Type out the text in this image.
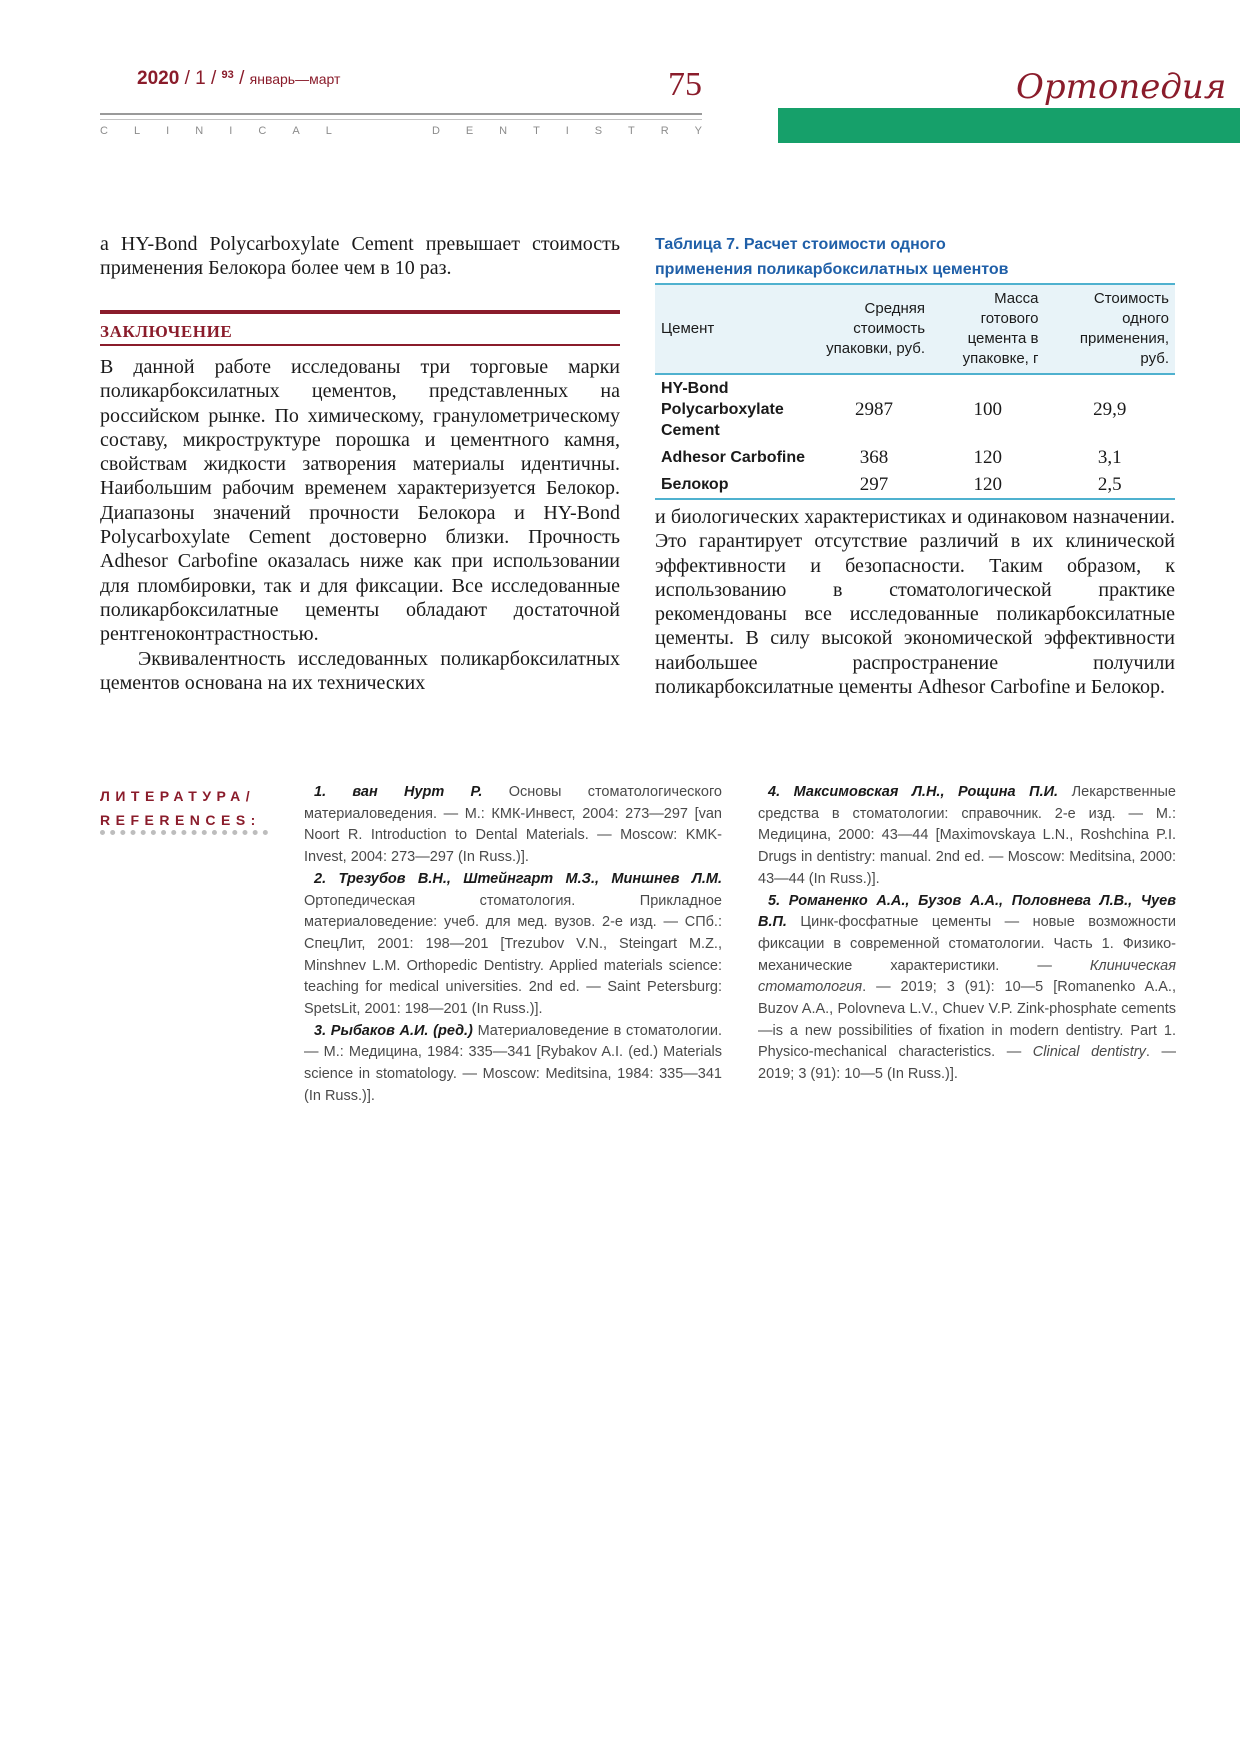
2020 / 1 / $^{93}$ / январь—март	75
C L I N I C A L	D E N T I S T R Y
Ортопедия

а HY-Bond Polycarboxylate Cement превышает стоимость применения Белокора более чем в 10 раз.

ЗАКЛЮЧЕНИЕ

В данной работе исследованы три торговые марки поликарбоксилатных цементов, представленных на российском рынке. По химическому, гранулометрическому составу, микроструктуре порошка и цементного камня, свойствам жидкости затворения материалы идентичны. Наибольшим рабочим временем характеризуется Белокор. Диапазоны значений прочности Белокора и HY-Bond Polycarboxylate Cement достоверно близки. Прочность Adhesor Carbofine оказалась ниже как при использовании для пломбировки, так и для фиксации. Все исследованные поликарбоксилатные цементы обладают достаточной рентгеноконтрастностью.

Эквивалентность исследованных поликарбоксилатных цементов основана на их технических

Таблица 7. Расчет стоимости одного
применения поликарбоксилатных цементов
Цемент	Средняя стоимость упаковки, руб.	Масса готового цемента в упаковке, г	Стоимость одного применения, руб.
HY-Bond Polycarboxylate Cement	2987	100	29,9
Adhesor Carbofine	368	120	3,1
Белокор	297	120	2,5

и биологических характеристиках и одинаковом назначении. Это гарантирует отсутствие различий в их клинической эффективности и безопасности. Таким образом, к использованию в стоматологической практике рекомендованы все исследованные поликарбоксилатные цементы. В силу высокой экономической эффективности наибольшее распространение получили поликарбоксилатные цементы Adhesor Carbofine и Белокор.

ЛИТЕРАТУРА/
REFERENCES:

1. ван Нурт Р. Основы стоматологического материаловедения. — М.: КМК-Инвест, 2004: 273—297 [van Noort R. Introduction to Dental Materials. — Moscow: KMK-Invest, 2004: 273—297 (In Russ.)].

2. Трезубов В.Н., Штейнгарт М.З., Миншнев Л.М. Ортопедическая стоматология. Прикладное материаловедение: учеб. для мед. вузов. 2-е изд. — СПб.: СпецЛит, 2001: 198—201 [Trezubov V.N., Steingart M.Z., Minshnev L.M. Orthopedic Dentistry. Applied materials science: teaching for medical universities. 2nd ed. — Saint Petersburg: SpetsLit, 2001: 198—201 (In Russ.)].

3. Рыбаков А.И. (ред.) Материаловедение в стоматологии. — М.: Медицина, 1984: 335—341 [Rybakov A.I. (ed.) Materials science in stomatology. — Moscow: Meditsina, 1984: 335—341 (In Russ.)].

4. Максимовская Л.Н., Рощина П.И. Лекарственные средства в стоматологии: справочник. 2-е изд. — М.: Медицина, 2000: 43—44 [Maximovskaya L.N., Roshchina P.I. Drugs in dentistry: manual. 2nd ed. — Moscow: Meditsina, 2000: 43—44 (In Russ.)].

5. Романенко А.А., Бузов А.А., Половнева Л.В., Чуев В.П. Цинк-фосфатные цементы — новые возможности фиксации в современной стоматологии. Часть 1. Физико-механические характеристики. — Клиническая стоматология. — 2019; 3 (91): 10—5 [Romanenko A.A., Buzov A.A., Polovneva L.V., Chuev V.P. Zink-phosphate cements—is a new possibilities of fixation in modern dentistry. Part 1. Physico-mechanical characteristics. — Clinical dentistry. — 2019; 3 (91): 10—5 (In Russ.)].
